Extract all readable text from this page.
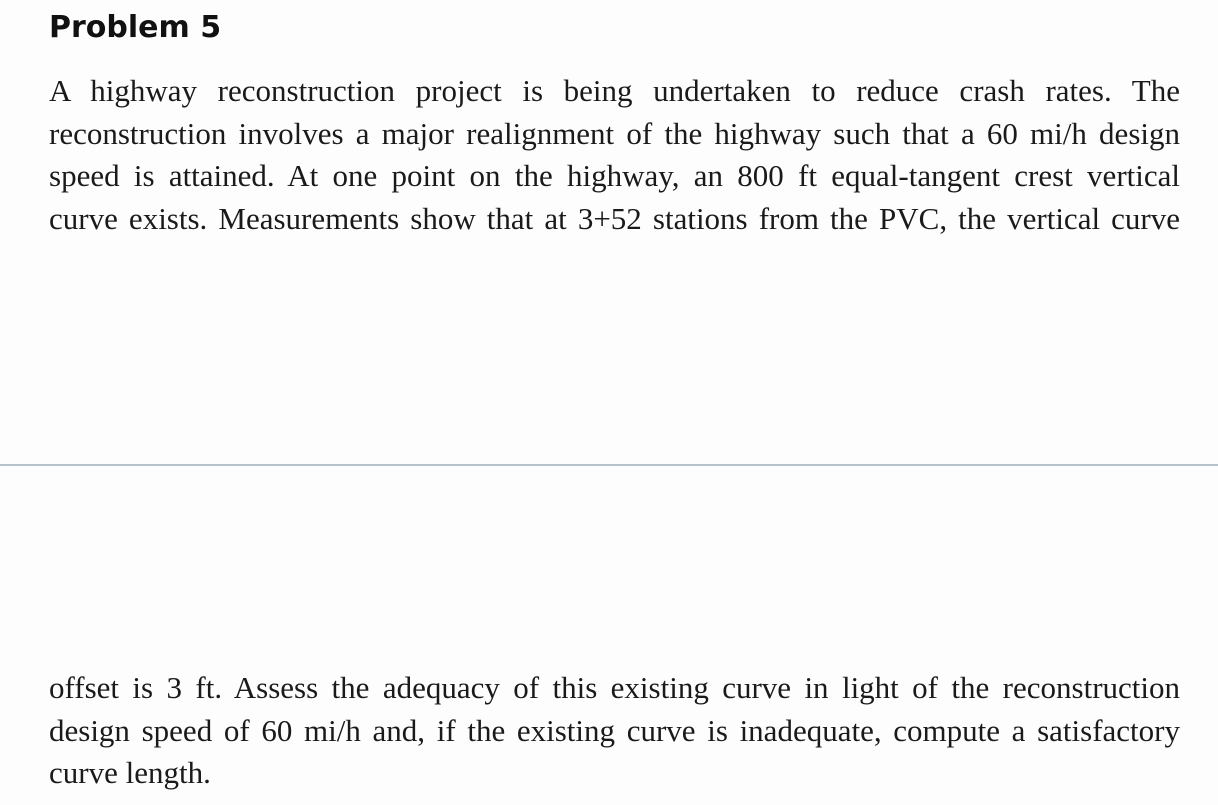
Problem 5
A highway reconstruction project is being undertaken to reduce crash rates. The
reconstruction involves a major realignment of the highway such that a 60 mi/h design
speed is attained. At one point on the highway, an 800 ft equal-tangent crest vertical
curve exists. Measurements show that at 3+52 stations from the PVC, the vertical curve
offset is 3 ft. Assess the adequacy of this existing curve in light of the reconstruction
design speed of 60 mi/h and, if the existing curve is inadequate, compute a satisfactory
curve length.
